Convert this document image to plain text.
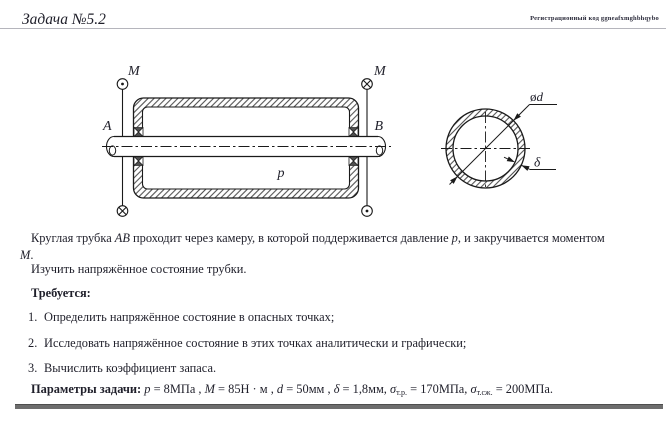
Задача №5.2	Регистрационный код ggneafxmghbhqybo
M	M
A	B
p
ød
δ
Круглая трубка AB проходит через камеру, в которой поддерживается давление p, и закручивается моментом
М.
Изучить напряжённое состояние трубки.
Требуется:
1. Определить напряжённое состояние в опасных точках;
2. Исследовать напряжённое состояние в этих точках аналитически и графически;
3. Вычислить коэффициент запаса.
Параметры задачи: p = 8МПа , M = 85Н · м , d = 50мм , δ = 1,8мм, $\sigma_{т.р.} = 170МПа$, $\sigma_{т.сж.} = 200МПа$.
